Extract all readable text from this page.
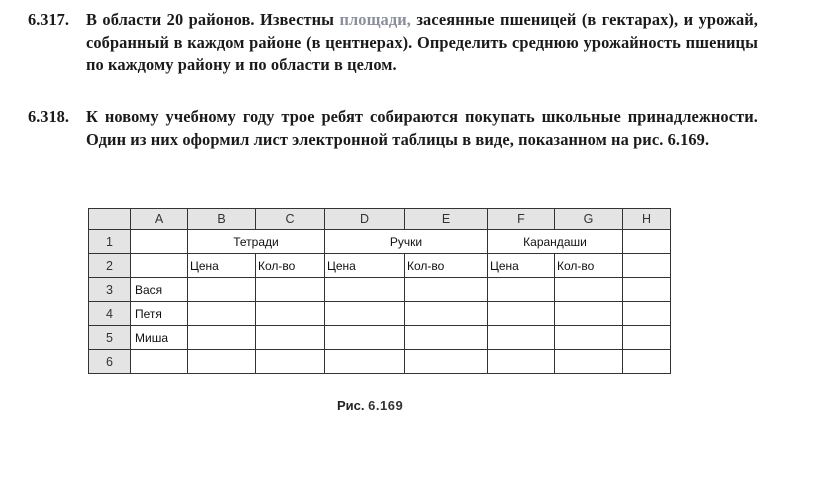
6.317. В области 20 районов. Известны площади, засеянные пшеницей (в гектарах), и урожай, собранный в каждом районе (в центнерах). Определить среднюю урожайность пшеницы по каждому району и по области в целом.
6.318. К новому учебному году трое ребят собираются покупать школьные принадлежности. Один из них оформил лист электронной таблицы в виде, показанном на рис. 6.169.
	A	B	C	D	E	F	G	H
1		Тетради		Ручки		Карандаши		
2		Цена	Кол-во	Цена	Кол-во	Цена	Кол-во	
3	Вася							
4	Петя							
5	Миша							
6								
Рис. 6.169
